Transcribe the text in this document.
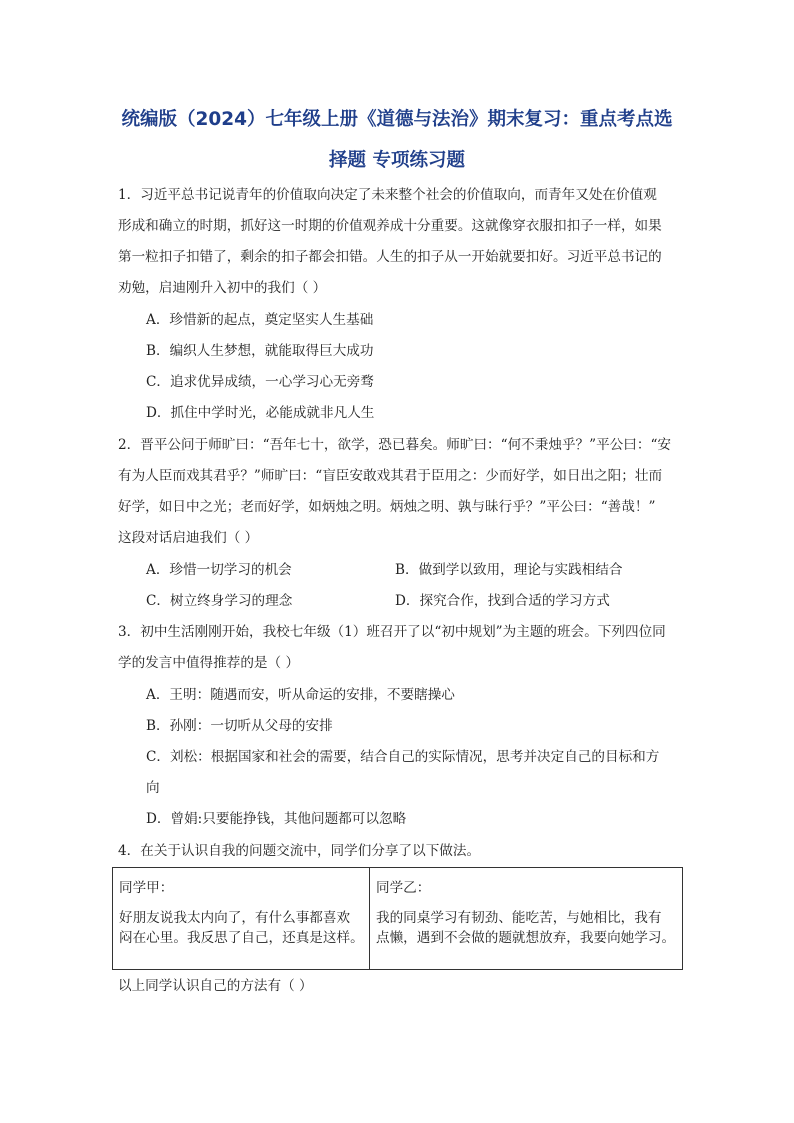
统编版（2024）七年级上册《道德与法治》期末复习：重点考点选
择题 专项练习题
1．习近平总书记说青年的价值取向决定了未来整个社会的价值取向，而青年又处在价值观
形成和确立的时期，抓好这一时期的价值观养成十分重要。这就像穿衣服扣扣子一样，如果
第一粒扣子扣错了，剩余的扣子都会扣错。人生的扣子从一开始就要扣好。习近平总书记的
劝勉，启迪刚升入初中的我们（ ）
A．珍惜新的起点，奠定坚实人生基础
B．编织人生梦想，就能取得巨大成功
C．追求优异成绩，一心学习心无旁骛
D．抓住中学时光，必能成就非凡人生
2．晋平公问于师旷曰：“吾年七十，欲学，恐已暮矣。师旷曰：“何不秉烛乎？”平公曰：“安
有为人臣而戏其君乎？”师旷曰：“盲臣安敢戏其君于臣用之：少而好学，如日出之阳；壮而
好学，如日中之光；老而好学，如炳烛之明。炳烛之明、孰与昧行乎？”平公曰：“善哉！”
这段对话启迪我们（ ）
A．珍惜一切学习的机会	B．做到学以致用，理论与实践相结合
C．树立终身学习的理念	D．探究合作，找到合适的学习方式
3．初中生活刚刚开始，我校七年级（1）班召开了以“初中规划”为主题的班会。下列四位同
学的发言中值得推荐的是（ ）
A．王明：随遇而安，听从命运的安排，不要瞎操心
B．孙刚：一切听从父母的安排
C．刘松：根据国家和社会的需要，结合自己的实际情况，思考并决定自己的目标和方
向
D．曾娟:只要能挣钱，其他问题都可以忽略
4．在关于认识自我的问题交流中，同学们分享了以下做法。
同学甲：
好朋友说我太内向了，有什么事都喜欢
闷在心里。我反思了自己，还真是这样。

同学乙：
我的同桌学习有韧劲、能吃苦，与她相比，我有
点懒，遇到不会做的题就想放弃，我要向她学习。
以上同学认识自己的方法有（ ）
